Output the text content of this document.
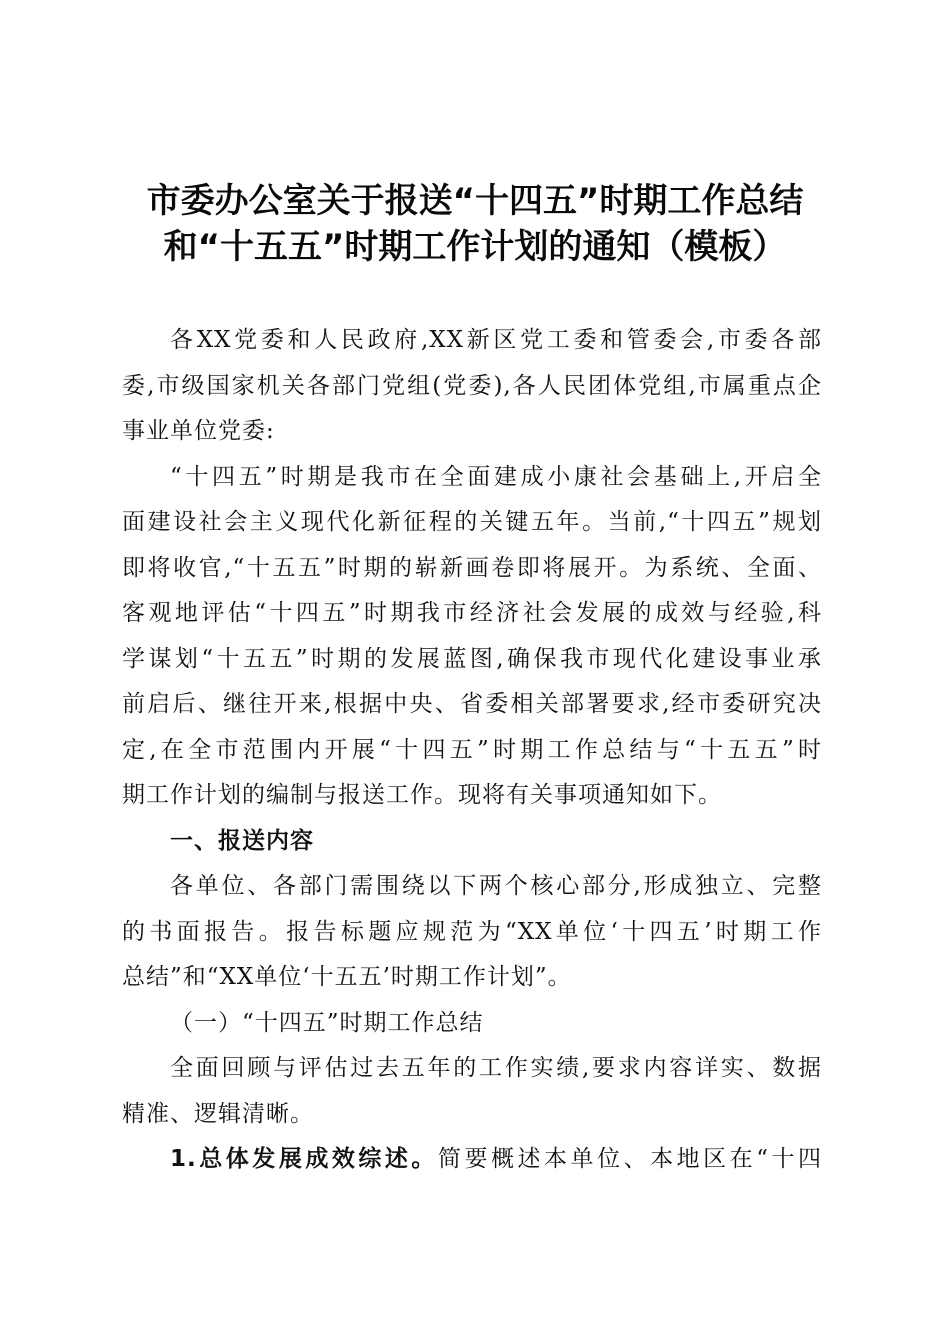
市委办公室关于报送“十四五”时期工作总结
和“十五五”时期工作计划的通知（模板）
各XX党委和人民政府,XX新区党工委和管委会,市委各部
委,市级国家机关各部门党组(党委),各人民团体党组,市属重点企
事业单位党委:
“十四五”时期是我市在全面建成小康社会基础上,开启全
面建设社会主义现代化新征程的关键五年。当前,“十四五”规划
即将收官,“十五五”时期的崭新画卷即将展开。为系统、全面、
客观地评估“十四五”时期我市经济社会发展的成效与经验,科
学谋划“十五五”时期的发展蓝图,确保我市现代化建设事业承
前启后、继往开来,根据中央、省委相关部署要求,经市委研究决
定,在全市范围内开展“十四五”时期工作总结与“十五五”时
期工作计划的编制与报送工作。现将有关事项通知如下。
一、报送内容
各单位、各部门需围绕以下两个核心部分,形成独立、完整
的书面报告。报告标题应规范为“XX单位‘十四五’时期工作
总结”和“XX单位‘十五五’时期工作计划”。
（一）“十四五”时期工作总结
全面回顾与评估过去五年的工作实绩,要求内容详实、数据
精准、逻辑清晰。
1.总体发展成效综述。简要概述本单位、本地区在“十四
